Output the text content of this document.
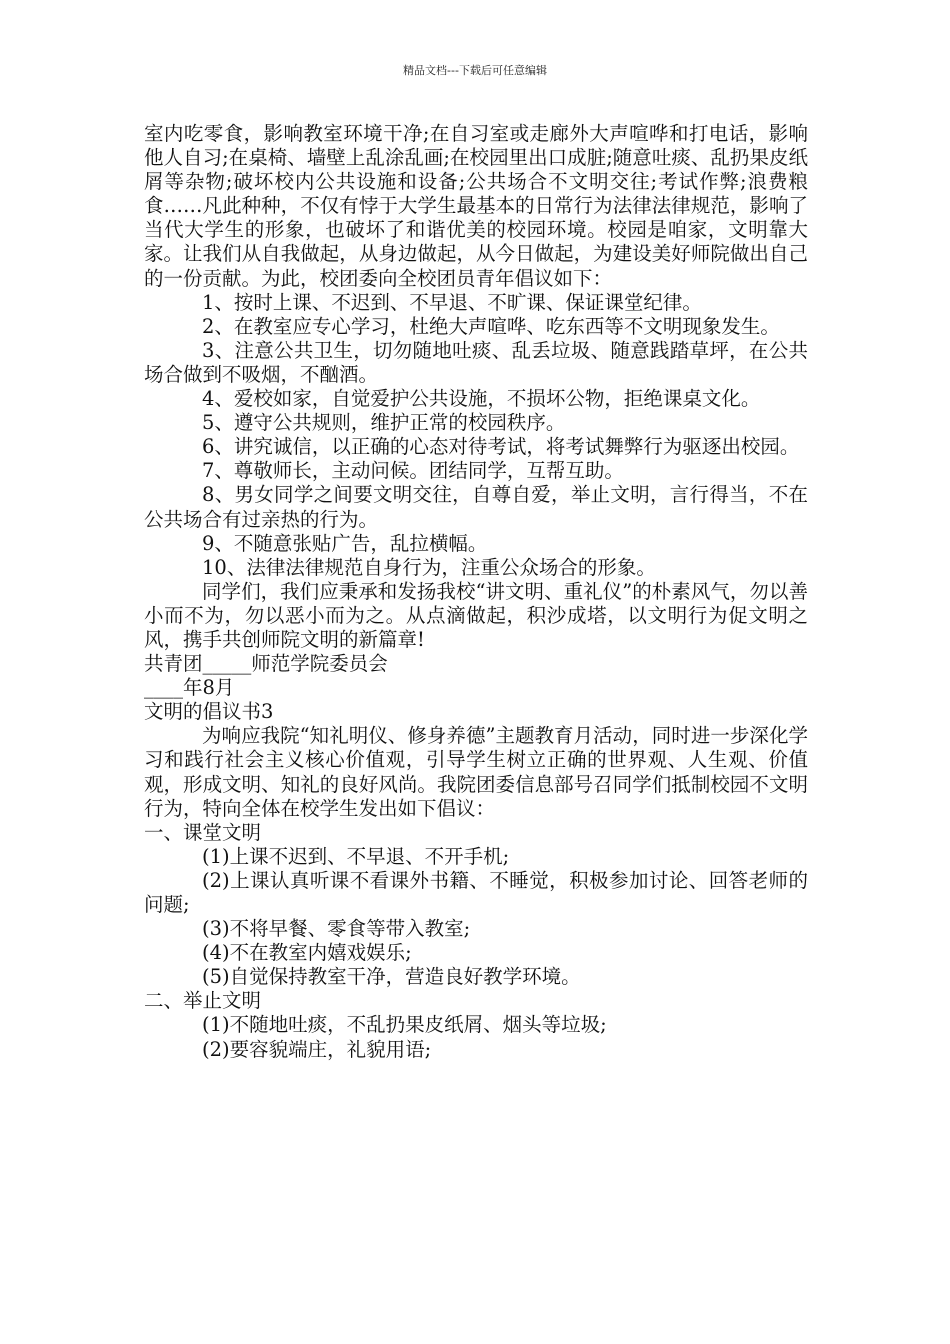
精品文档---下载后可任意编辑

室内吃零食，影响教室环境干净;在自习室或走廊外大声喧哗和打电话，影响他人自习;在桌椅、墙壁上乱涂乱画;在校园里出口成脏;随意吐痰、乱扔果皮纸屑等杂物;破坏校内公共设施和设备;公共场合不文明交往;考试作弊;浪费粮食……凡此种种，不仅有悖于大学生最基本的日常行为法律法律规范，影响了当代大学生的形象，也破坏了和谐优美的校园环境。校园是咱家，文明靠大家。让我们从自我做起，从身边做起，从今日做起，为建设美好师院做出自己的一份贡献。为此，校团委向全校团员青年倡议如下：

1、按时上课、不迟到、不早退、不旷课、保证课堂纪律。

2、在教室应专心学习，杜绝大声喧哗、吃东西等不文明现象发生。

3、注意公共卫生，切勿随地吐痰、乱丢垃圾、随意践踏草坪，在公共场合做到不吸烟，不酗酒。

4、爱校如家，自觉爱护公共设施，不损坏公物，拒绝课桌文化。

5、遵守公共规则，维护正常的校园秩序。

6、讲究诚信，以正确的心态对待考试，将考试舞弊行为驱逐出校园。

7、尊敬师长，主动问候。团结同学，互帮互助。

8、男女同学之间要文明交往，自尊自爱，举止文明，言行得当，不在公共场合有过亲热的行为。

9、不随意张贴广告，乱拉横幅。

10、法律法律规范自身行为，注重公众场合的形象。

同学们，我们应秉承和发扬我校“讲文明、重礼仪”的朴素风气，勿以善小而不为，勿以恶小而为之。从点滴做起，积沙成塔，以文明行为促文明之风，携手共创师院文明的新篇章!

共青团_____师范学院委员会

____年8月

文明的倡议书3

为响应我院“知礼明仪、修身养德”主题教育月活动，同时进一步深化学习和践行社会主义核心价值观，引导学生树立正确的世界观、人生观、价值观，形成文明、知礼的良好风尚。我院团委信息部号召同学们抵制校园不文明行为，特向全体在校学生发出如下倡议：

一、课堂文明

(1)上课不迟到、不早退、不开手机;

(2)上课认真听课不看课外书籍、不睡觉，积极参加讨论、回答老师的问题;

(3)不将早餐、零食等带入教室;

(4)不在教室内嬉戏娱乐;

(5)自觉保持教室干净，营造良好教学环境。

二、举止文明

(1)不随地吐痰，不乱扔果皮纸屑、烟头等垃圾;

(2)要容貌端庄，礼貌用语;
